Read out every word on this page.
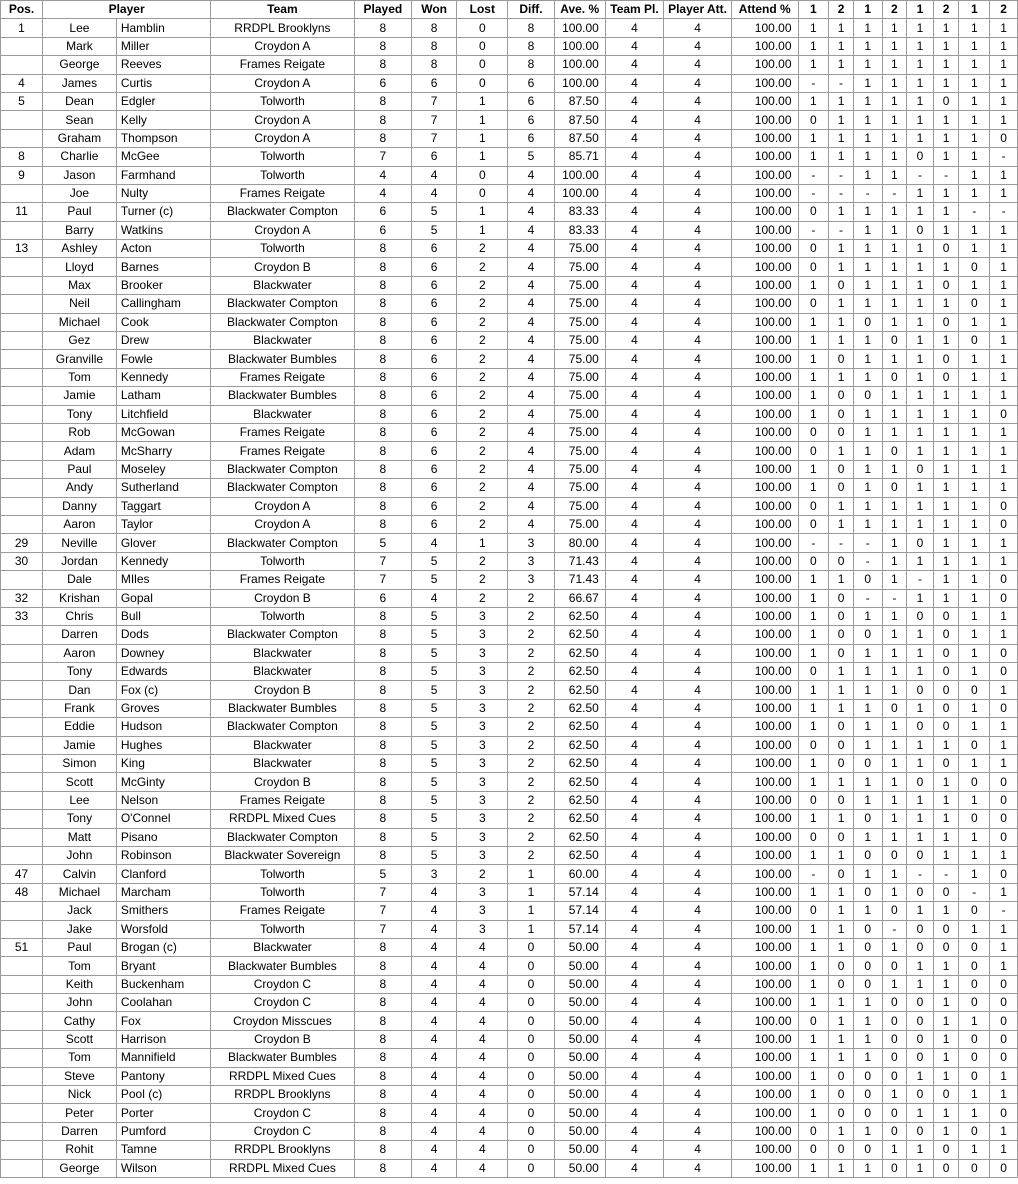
Pos.	Player		Team	Played	Won	Lost	Diff.	Ave. %	Team Pl.	Player Att.	Attend %	1	2	1	2	1	2	1	2
1	Lee	Hamblin	RRDPL Brooklyns	8	8	0	8	100.00	4	4	100.00	1	1	1	1	1	1	1	1
	Mark	Miller	Croydon A	8	8	0	8	100.00	4	4	100.00	1	1	1	1	1	1	1	1
	George	Reeves	Frames Reigate	8	8	0	8	100.00	4	4	100.00	1	1	1	1	1	1	1	1
4	James	Curtis	Croydon A	6	6	0	6	100.00	4	4	100.00	-	-	1	1	1	1	1	1
5	Dean	Edgler	Tolworth	8	7	1	6	87.50	4	4	100.00	1	1	1	1	1	0	1	1
	Sean	Kelly	Croydon A	8	7	1	6	87.50	4	4	100.00	0	1	1	1	1	1	1	1
	Graham	Thompson	Croydon A	8	7	1	6	87.50	4	4	100.00	1	1	1	1	1	1	1	0
8	Charlie	McGee	Tolworth	7	6	1	5	85.71	4	4	100.00	1	1	1	1	0	1	1	-
9	Jason	Farmhand	Tolworth	4	4	0	4	100.00	4	4	100.00	-	-	1	1	-	-	1	1
	Joe	Nulty	Frames Reigate	4	4	0	4	100.00	4	4	100.00	-	-	-	-	1	1	1	1
11	Paul	Turner (c)	Blackwater Compton	6	5	1	4	83.33	4	4	100.00	0	1	1	1	1	1	-	-
	Barry	Watkins	Croydon A	6	5	1	4	83.33	4	4	100.00	-	-	1	1	0	1	1	1
13	Ashley	Acton	Tolworth	8	6	2	4	75.00	4	4	100.00	0	1	1	1	1	0	1	1
	Lloyd	Barnes	Croydon B	8	6	2	4	75.00	4	4	100.00	0	1	1	1	1	1	0	1
	Max	Brooker	Blackwater	8	6	2	4	75.00	4	4	100.00	1	0	1	1	1	0	1	1
	Neil	Callingham	Blackwater Compton	8	6	2	4	75.00	4	4	100.00	0	1	1	1	1	1	0	1
	Michael	Cook	Blackwater Compton	8	6	2	4	75.00	4	4	100.00	1	1	0	1	1	0	1	1
	Gez	Drew	Blackwater	8	6	2	4	75.00	4	4	100.00	1	1	1	0	1	1	0	1
	Granville	Fowle	Blackwater Bumbles	8	6	2	4	75.00	4	4	100.00	1	0	1	1	1	0	1	1
	Tom	Kennedy	Frames Reigate	8	6	2	4	75.00	4	4	100.00	1	1	1	0	1	0	1	1
	Jamie	Latham	Blackwater Bumbles	8	6	2	4	75.00	4	4	100.00	1	0	0	1	1	1	1	1
	Tony	Litchfield	Blackwater	8	6	2	4	75.00	4	4	100.00	1	0	1	1	1	1	1	0
	Rob	McGowan	Frames Reigate	8	6	2	4	75.00	4	4	100.00	0	0	1	1	1	1	1	1
	Adam	McSharry	Frames Reigate	8	6	2	4	75.00	4	4	100.00	0	1	1	0	1	1	1	1
	Paul	Moseley	Blackwater Compton	8	6	2	4	75.00	4	4	100.00	1	0	1	1	0	1	1	1
	Andy	Sutherland	Blackwater Compton	8	6	2	4	75.00	4	4	100.00	1	0	1	0	1	1	1	1
	Danny	Taggart	Croydon A	8	6	2	4	75.00	4	4	100.00	0	1	1	1	1	1	1	0
	Aaron	Taylor	Croydon A	8	6	2	4	75.00	4	4	100.00	0	1	1	1	1	1	1	0
29	Neville	Glover	Blackwater Compton	5	4	1	3	80.00	4	4	100.00	-	-	-	1	0	1	1	1
30	Jordan	Kennedy	Tolworth	7	5	2	3	71.43	4	4	100.00	0	0	-	1	1	1	1	1
	Dale	MIles	Frames Reigate	7	5	2	3	71.43	4	4	100.00	1	1	0	1	-	1	1	0
32	Krishan	Gopal	Croydon B	6	4	2	2	66.67	4	4	100.00	1	0	-	-	1	1	1	0
33	Chris	Bull	Tolworth	8	5	3	2	62.50	4	4	100.00	1	0	1	1	0	0	1	1
	Darren	Dods	Blackwater Compton	8	5	3	2	62.50	4	4	100.00	1	0	0	1	1	0	1	1
	Aaron	Downey	Blackwater	8	5	3	2	62.50	4	4	100.00	1	0	1	1	1	0	1	0
	Tony	Edwards	Blackwater	8	5	3	2	62.50	4	4	100.00	0	1	1	1	1	0	1	0
	Dan	Fox (c)	Croydon B	8	5	3	2	62.50	4	4	100.00	1	1	1	1	0	0	0	1
	Frank	Groves	Blackwater Bumbles	8	5	3	2	62.50	4	4	100.00	1	1	1	0	1	0	1	0
	Eddie	Hudson	Blackwater Compton	8	5	3	2	62.50	4	4	100.00	1	0	1	1	0	0	1	1
	Jamie	Hughes	Blackwater	8	5	3	2	62.50	4	4	100.00	0	0	1	1	1	1	0	1
	Simon	King	Blackwater	8	5	3	2	62.50	4	4	100.00	1	0	0	1	1	0	1	1
	Scott	McGinty	Croydon B	8	5	3	2	62.50	4	4	100.00	1	1	1	1	0	1	0	0
	Lee	Nelson	Frames Reigate	8	5	3	2	62.50	4	4	100.00	0	0	1	1	1	1	1	0
	Tony	O'Connel	RRDPL Mixed Cues	8	5	3	2	62.50	4	4	100.00	1	1	0	1	1	1	0	0
	Matt	Pisano	Blackwater Compton	8	5	3	2	62.50	4	4	100.00	0	0	1	1	1	1	1	0
	John	Robinson	Blackwater Sovereign	8	5	3	2	62.50	4	4	100.00	1	1	0	0	0	1	1	1
47	Calvin	Clanford	Tolworth	5	3	2	1	60.00	4	4	100.00	-	0	1	1	-	-	1	0
48	Michael	Marcham	Tolworth	7	4	3	1	57.14	4	4	100.00	1	1	0	1	0	0	-	1
	Jack	Smithers	Frames Reigate	7	4	3	1	57.14	4	4	100.00	0	1	1	0	1	1	0	-
	Jake	Worsfold	Tolworth	7	4	3	1	57.14	4	4	100.00	1	1	0	-	0	0	1	1
51	Paul	Brogan (c)	Blackwater	8	4	4	0	50.00	4	4	100.00	1	1	0	1	0	0	0	1
	Tom	Bryant	Blackwater Bumbles	8	4	4	0	50.00	4	4	100.00	1	0	0	0	1	1	0	1
	Keith	Buckenham	Croydon C	8	4	4	0	50.00	4	4	100.00	1	0	0	1	1	1	0	0
	John	Coolahan	Croydon C	8	4	4	0	50.00	4	4	100.00	1	1	1	0	0	1	0	0
	Cathy	Fox	Croydon Misscues	8	4	4	0	50.00	4	4	100.00	0	1	1	0	0	1	1	0
	Scott	Harrison	Croydon B	8	4	4	0	50.00	4	4	100.00	1	1	1	0	0	1	0	0
	Tom	Mannifield	Blackwater Bumbles	8	4	4	0	50.00	4	4	100.00	1	1	1	0	0	1	0	0
	Steve	Pantony	RRDPL Mixed Cues	8	4	4	0	50.00	4	4	100.00	1	0	0	0	1	1	0	1
	Nick	Pool (c)	RRDPL Brooklyns	8	4	4	0	50.00	4	4	100.00	1	0	0	1	0	0	1	1
	Peter	Porter	Croydon C	8	4	4	0	50.00	4	4	100.00	1	0	0	0	1	1	1	0
	Darren	Pumford	Croydon C	8	4	4	0	50.00	4	4	100.00	0	1	1	0	0	1	0	1
	Rohit	Tamne	RRDPL Brooklyns	8	4	4	0	50.00	4	4	100.00	0	0	0	1	1	0	1	1
	George	Wilson	RRDPL Mixed Cues	8	4	4	0	50.00	4	4	100.00	1	1	1	0	1	0	0	0
